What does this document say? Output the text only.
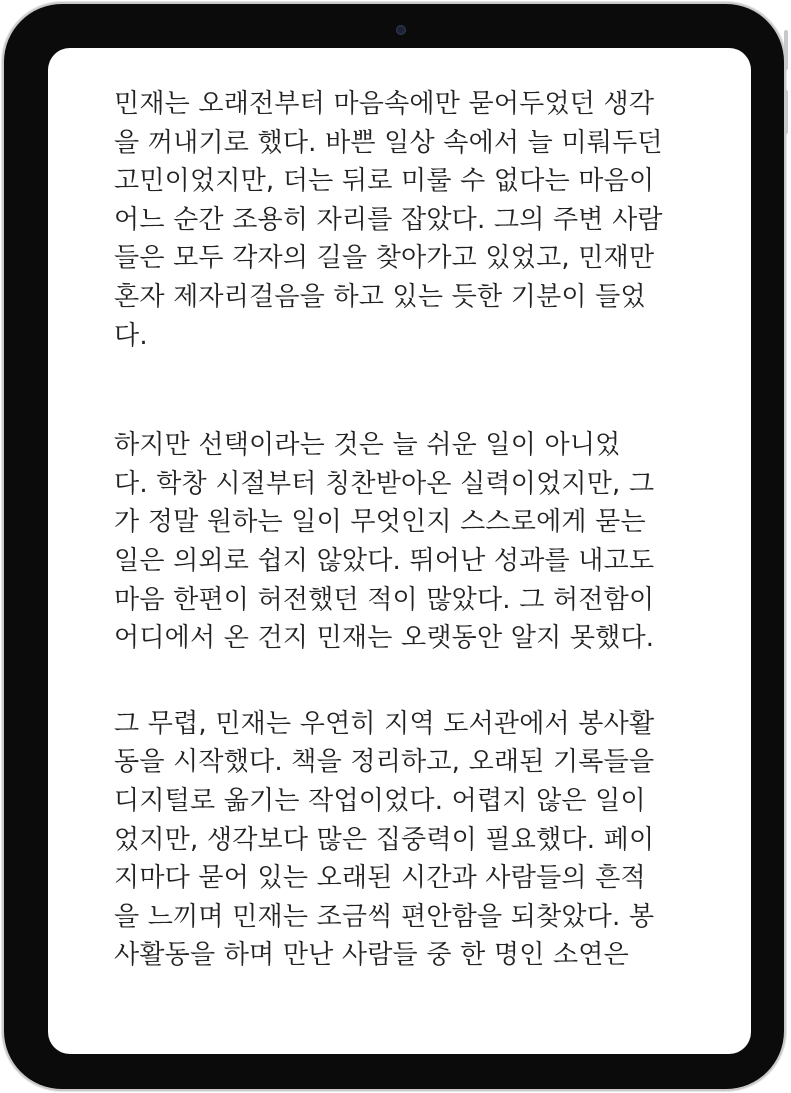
민재는 오래전부터 마음속에만 묻어두었던 생각
을 꺼내기로 했다. 바쁜 일상 속에서 늘 미뤄두던
고민이었지만, 더는 뒤로 미룰 수 없다는 마음이
어느 순간 조용히 자리를 잡았다. 그의 주변 사람
들은 모두 각자의 길을 찾아가고 있었고, 민재만
혼자 제자리걸음을 하고 있는 듯한 기분이 들었
다.
하지만 선택이라는 것은 늘 쉬운 일이 아니었
다. 학창 시절부터 칭찬받아온 실력이었지만, 그
가 정말 원하는 일이 무엇인지 스스로에게 묻는
일은 의외로 쉽지 않았다. 뛰어난 성과를 내고도
마음 한편이 허전했던 적이 많았다. 그 허전함이
어디에서 온 건지 민재는 오랫동안 알지 못했다.
그 무렵, 민재는 우연히 지역 도서관에서 봉사활
동을 시작했다. 책을 정리하고, 오래된 기록들을
디지털로 옮기는 작업이었다. 어렵지 않은 일이
었지만, 생각보다 많은 집중력이 필요했다. 페이
지마다 묻어 있는 오래된 시간과 사람들의 흔적
을 느끼며 민재는 조금씩 편안함을 되찾았다. 봉
사활동을 하며 만난 사람들 중 한 명인 소연은
